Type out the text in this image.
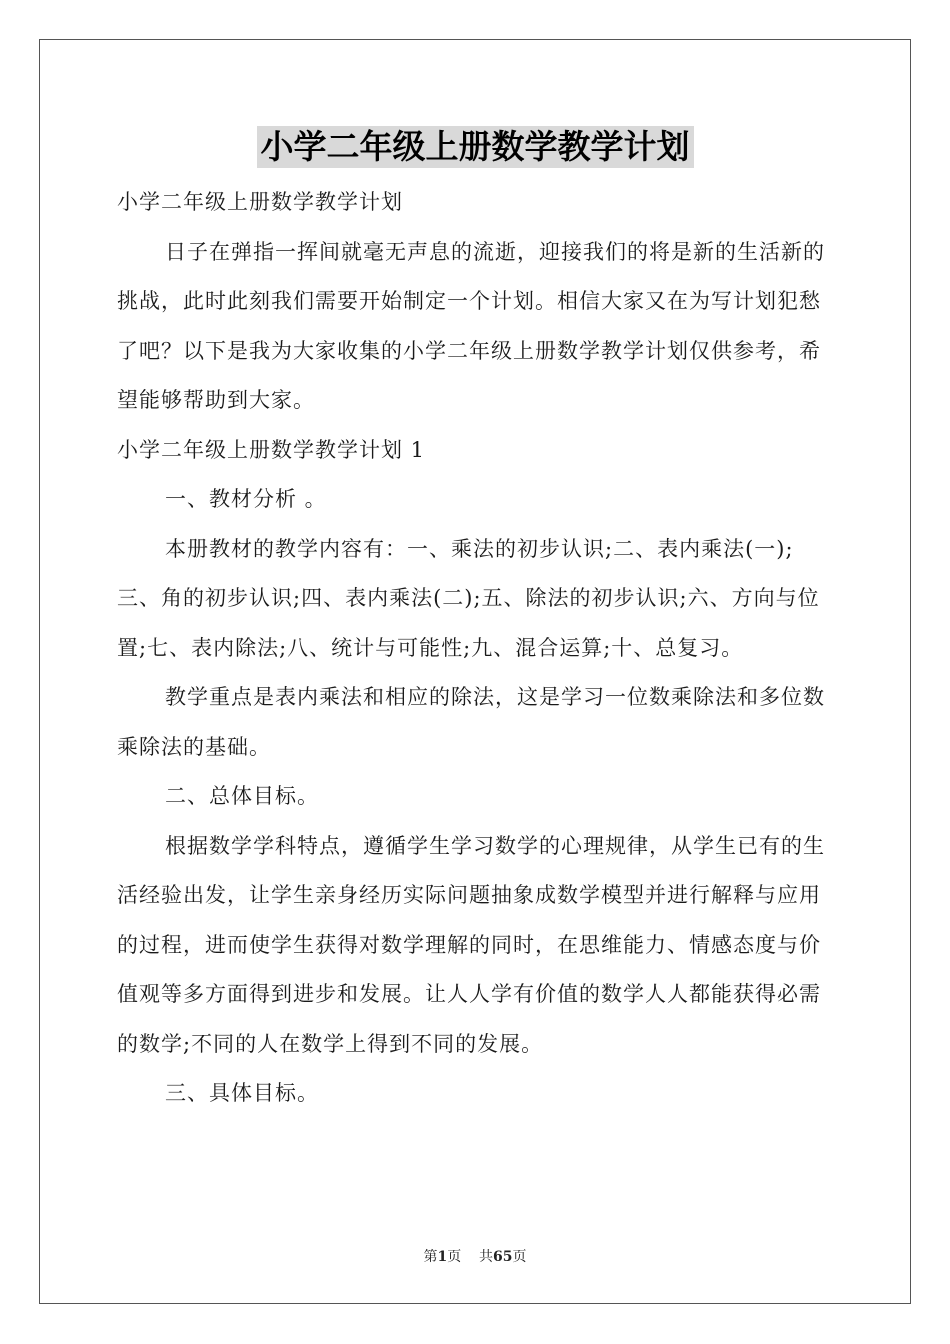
小学二年级上册数学教学计划

小学二年级上册数学教学计划

日子在弹指一挥间就毫无声息的流逝，迎接我们的将是新的生活新的挑战，此时此刻我们需要开始制定一个计划。相信大家又在为写计划犯愁了吧？以下是我为大家收集的小学二年级上册数学教学计划仅供参考，希望能够帮助到大家。

小学二年级上册数学教学计划 1

一、教材分析 。

本册教材的教学内容有：一、乘法的初步认识;二、表内乘法(一);三、角的初步认识;四、表内乘法(二);五、除法的初步认识;六、方向与位置;七、表内除法;八、统计与可能性;九、混合运算;十、总复习。

教学重点是表内乘法和相应的除法，这是学习一位数乘除法和多位数乘除法的基础。

二、总体目标。

根据数学学科特点，遵循学生学习数学的心理规律，从学生已有的生活经验出发，让学生亲身经历实际问题抽象成数学模型并进行解释与应用的过程，进而使学生获得对数学理解的同时，在思维能力、情感态度与价值观等多方面得到进步和发展。让人人学有价值的数学人人都能获得必需的数学;不同的人在数学上得到不同的发展。

三、具体目标。

第1页 共65页
